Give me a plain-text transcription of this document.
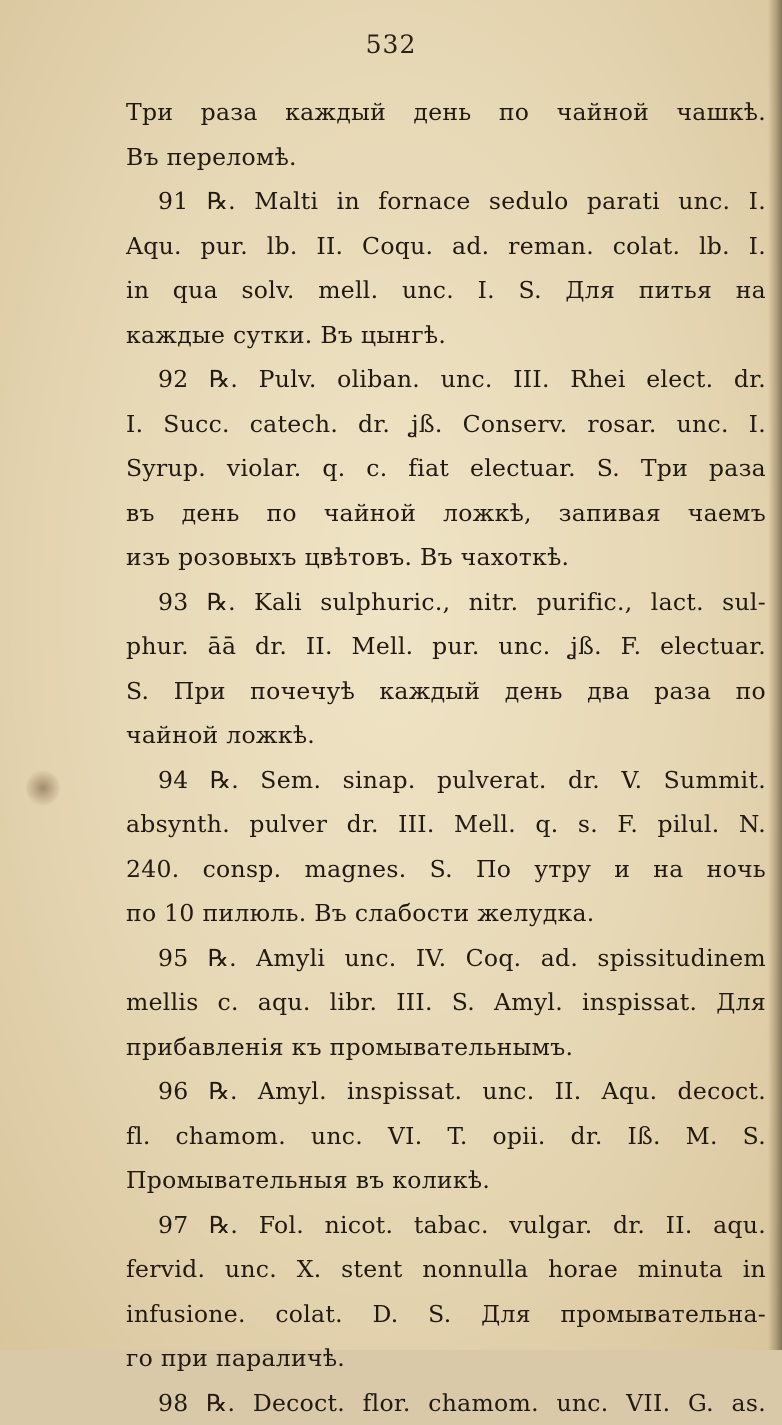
532
Три раза каждый день по чайной чашкѣ.
Въ переломѣ.
91 ℞. Malti in fornace sedulo parati unc. I.
Aqu. pur. lb. II. Coqu. ad. reman. colat. lb. I.
in qua solv. mell. unc. I. S. Для питья на
каждые сутки. Въ цынгѣ.
92 ℞. Pulv. oliban. unc. III. Rhei elect. dr.
I. Succ. catech. dr. ʝß. Conserv. rosar. unc. I.
Syrup. violar. q. c. fiat electuar. S. Три раза
въ день по чайной ложкѣ, запивая чаемъ
изъ розовыхъ цвѣтовъ. Въ чахоткѣ.
93 ℞. Kali sulphuric., nitr. purific., lact. sul-
phur. āā dr. II. Mell. pur. unc. ʝß. F. electuar.
S. При почечуѣ каждый день два раза по
чайной ложкѣ.
94 ℞. Sem. sinap. pulverat. dr. V. Summit.
absynth. pulver dr. III. Mell. q. s. F. pilul. N.
240. consp. magnes. S. По утру и на ночь
по 10 пилюль. Въ слабости желудка.
95 ℞. Amyli unc. IV. Coq. ad. spissitudinem
mellis c. aqu. libr. III. S. Amyl. inspissat. Для
прибавленія къ промывательнымъ.
96 ℞. Amyl. inspissat. unc. II. Aqu. decoct.
fl. chamom. unc. VI. T. opii. dr. Iß. M. S.
Промывательныя въ коликѣ.
97 ℞. Fol. nicot. tabac. vulgar. dr. II. aqu.
fervid. unc. X. stent nonnulla horae minuta in
infusione. colat. D. S. Для промывательна-
го при параличѣ.
98 ℞. Decoct. flor. chamom. unc. VII. G. as.
